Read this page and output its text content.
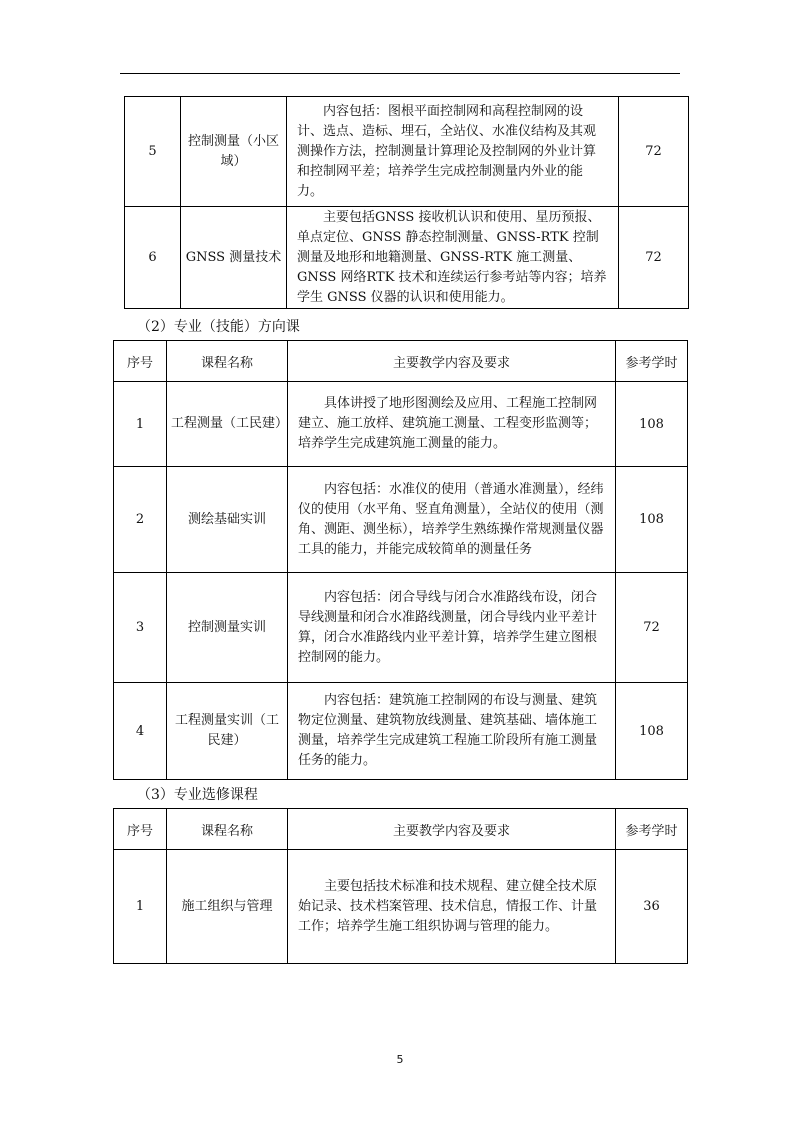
5	控制测量（小区域）	内容包括：图根平面控制网和高程控制网的设计、选点、造标、埋石，全站仪、水准仪结构及其观测操作方法，控制测量计算理论及控制网的外业计算和控制网平差；培养学生完成控制测量内外业的能力。	72
6	GNSS 测量技术	主要包括GNSS 接收机认识和使用、星历预报、单点定位、GNSS 静态控制测量、GNSS-RTK 控制测量及地形和地籍测量、GNSS-RTK 施工测量、GNSS 网络RTK 技术和连续运行参考站等内容；培养学生 GNSS 仪器的认识和使用能力。	72
（2）专业（技能）方向课
序号	课程名称	主要教学内容及要求	参考学时
1	工程测量（工民建）	具体讲授了地形图测绘及应用、工程施工控制网建立、施工放样、建筑施工测量、工程变形监测等；培养学生完成建筑施工测量的能力。	108
2	测绘基础实训	内容包括：水准仪的使用（普通水准测量），经纬仪的使用（水平角、竖直角测量），全站仪的使用（测角、测距、测坐标），培养学生熟练操作常规测量仪器工具的能力，并能完成较简单的测量任务	108
3	控制测量实训	内容包括：闭合导线与闭合水准路线布设，闭合导线测量和闭合水准路线测量，闭合导线内业平差计算，闭合水准路线内业平差计算，培养学生建立图根控制网的能力。	72
4	工程测量实训（工民建）	内容包括：建筑施工控制网的布设与测量、建筑物定位测量、建筑物放线测量、建筑基础、墙体施工测量，培养学生完成建筑工程施工阶段所有施工测量任务的能力。	108
（3）专业选修课程
序号	课程名称	主要教学内容及要求	参考学时
1	施工组织与管理	主要包括技术标准和技术规程、建立健全技术原始记录、技术档案管理、技术信息，情报工作、计量工作；培养学生施工组织协调与管理的能力。	36
5
